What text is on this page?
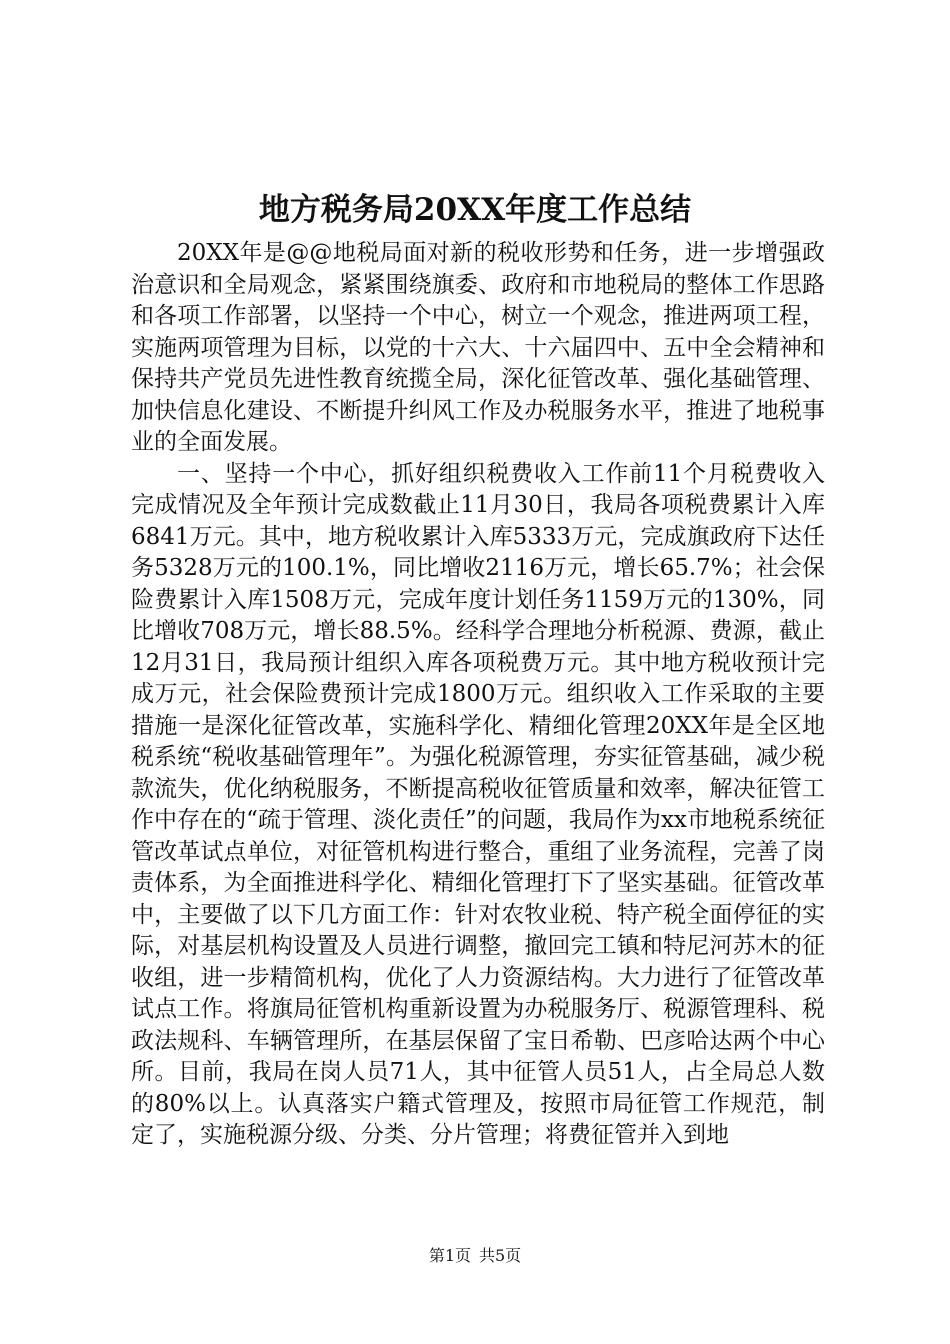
地方税务局20XX年度工作总结

20XX年是@@地税局面对新的税收形势和任务，进一步增强政治意识和全局观念，紧紧围绕旗委、政府和市地税局的整体工作思路和各项工作部署，以坚持一个中心，树立一个观念，推进两项工程，实施两项管理为目标，以党的十六大、十六届四中、五中全会精神和保持共产党员先进性教育统揽全局，深化征管改革、强化基础管理、加快信息化建设、不断提升纠风工作及办税服务水平，推进了地税事业的全面发展。

一、坚持一个中心，抓好组织税费收入工作前11个月税费收入完成情况及全年预计完成数截止11月30日，我局各项税费累计入库6841万元。其中，地方税收累计入库5333万元，完成旗政府下达任务5328万元的100.1%，同比增收2116万元，增长65.7%；社会保险费累计入库1508万元，完成年度计划任务1159万元的130%，同比增收708万元，增长88.5%。经科学合理地分析税源、费源，截止12月31日，我局预计组织入库各项税费万元。其中地方税收预计完成万元，社会保险费预计完成1800万元。组织收入工作采取的主要措施一是深化征管改革，实施科学化、精细化管理20XX年是全区地税系统“税收基础管理年”。为强化税源管理，夯实征管基础，减少税款流失，优化纳税服务，不断提高税收征管质量和效率，解决征管工作中存在的“疏于管理、淡化责任”的问题，我局作为xx市地税系统征管改革试点单位，对征管机构进行整合，重组了业务流程，完善了岗责体系，为全面推进科学化、精细化管理打下了坚实基础。征管改革中，主要做了以下几方面工作：针对农牧业税、特产税全面停征的实际，对基层机构设置及人员进行调整，撤回完工镇和特尼河苏木的征收组，进一步精简机构，优化了人力资源结构。大力进行了征管改革试点工作。将旗局征管机构重新设置为办税服务厅、税源管理科、税政法规科、车辆管理所，在基层保留了宝日希勒、巴彦哈达两个中心所。目前，我局在岗人员71人，其中征管人员51人，占全局总人数的80%以上。认真落实户籍式管理及，按照市局征管工作规范，制定了，实施税源分级、分类、分片管理；将费征管并入到地

第1页 共5页
